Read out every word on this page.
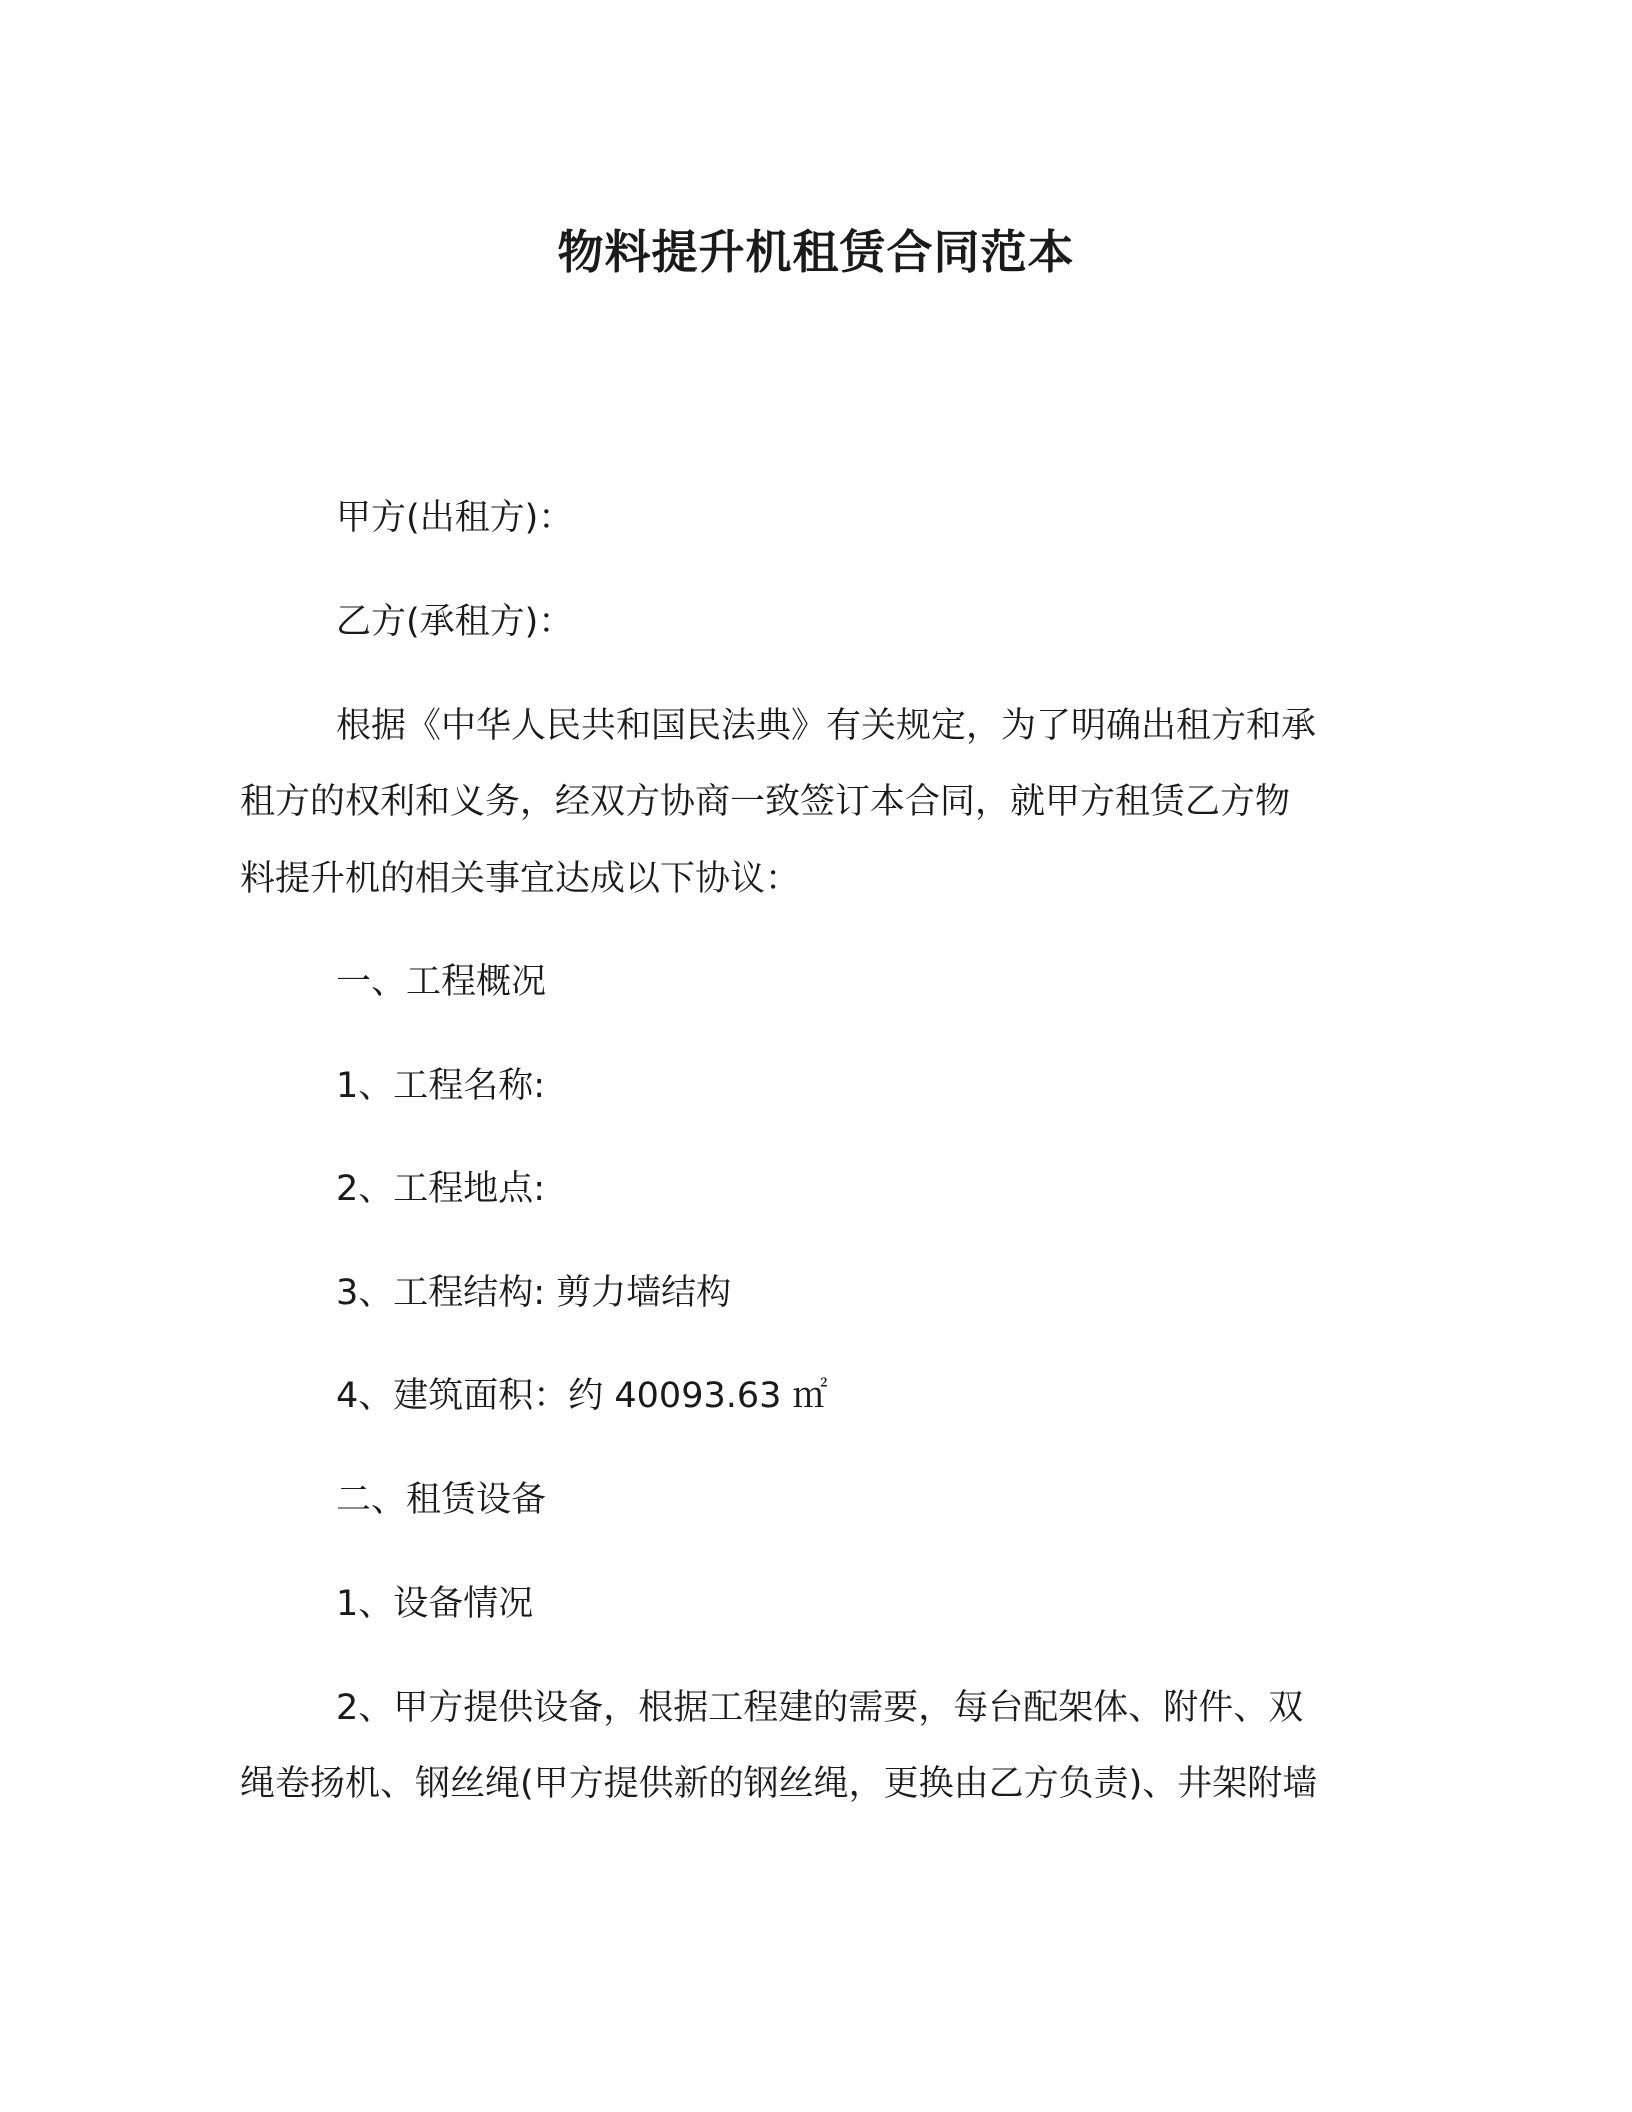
物料提升机租赁合同范本
甲方(出租方)：
乙方(承租方)：
根据《中华人民共和国民法典》有关规定，为了明确出租方和承
租方的权利和义务，经双方协商一致签订本合同，就甲方租赁乙方物
料提升机的相关事宜达成以下协议：
一、工程概况
1、工程名称:
2、工程地点:
3、工程结构: 剪力墙结构
4、建筑面积：约 40093.63 ㎡
二、租赁设备
1、设备情况
2、甲方提供设备，根据工程建的需要，每台配架体、附件、双
绳卷扬机、钢丝绳(甲方提供新的钢丝绳，更换由乙方负责)、井架附墙
